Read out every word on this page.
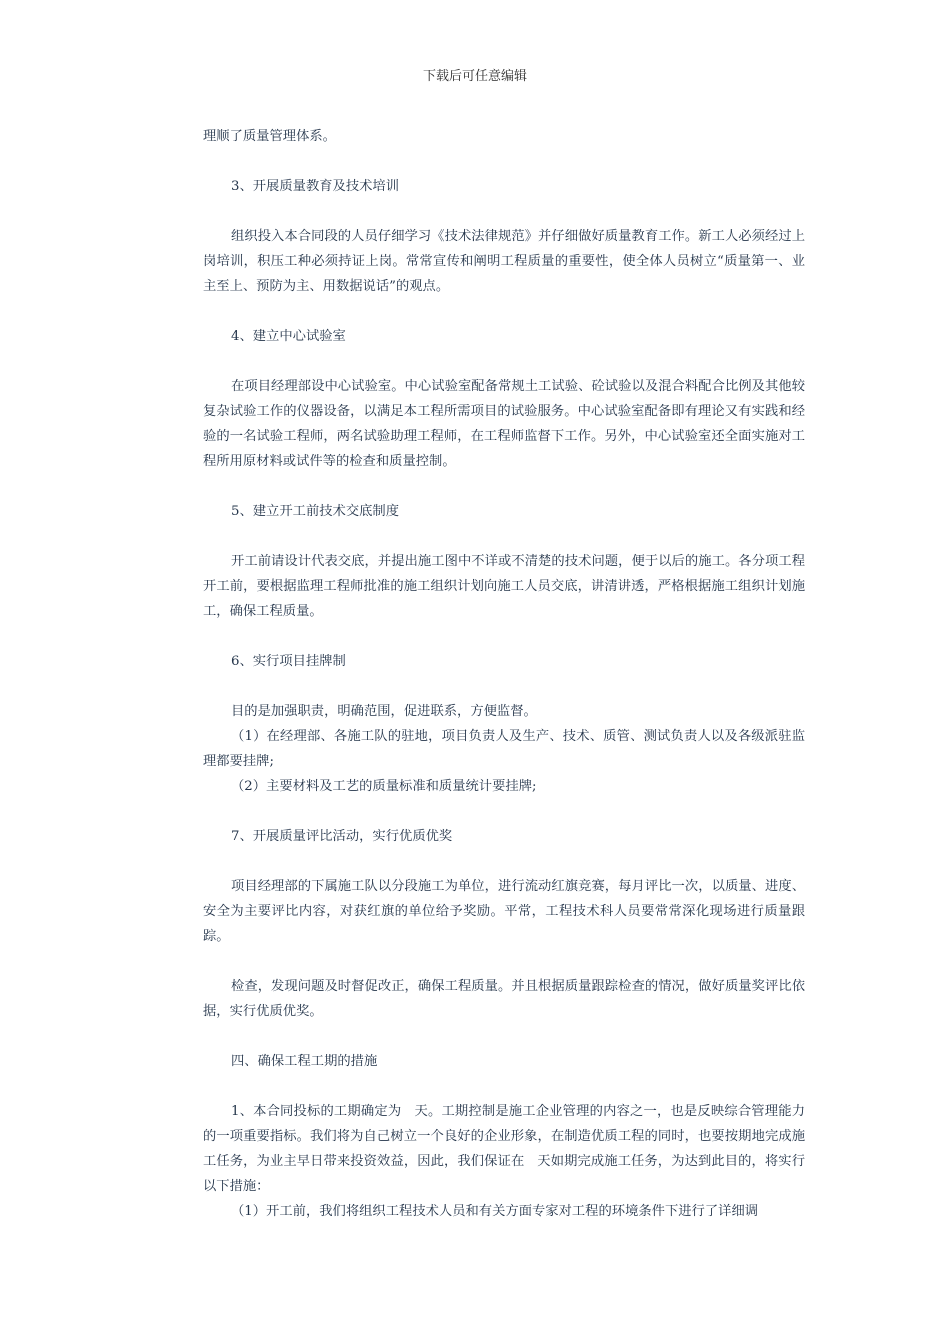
下载后可任意编辑

理顺了质量管理体系。

3、开展质量教育及技术培训

组织投入本合同段的人员仔细学习《技术法律规范》并仔细做好质量教育工作。新工人必须经过上岗培训，积压工种必须持证上岗。常常宣传和阐明工程质量的重要性，使全体人员树立“质量第一、业主至上、预防为主、用数据说话”的观点。

4、建立中心试验室

在项目经理部设中心试验室。中心试验室配备常规土工试验、砼试验以及混合料配合比例及其他较复杂试验工作的仪器设备，以满足本工程所需项目的试验服务。中心试验室配备即有理论又有实践和经验的一名试验工程师，两名试验助理工程师，在工程师监督下工作。另外，中心试验室还全面实施对工程所用原材料或试件等的检查和质量控制。

5、建立开工前技术交底制度

开工前请设计代表交底，并提出施工图中不详或不清楚的技术问题，便于以后的施工。各分项工程开工前，要根据监理工程师批准的施工组织计划向施工人员交底，讲清讲透，严格根据施工组织计划施工，确保工程质量。

6、实行项目挂牌制

目的是加强职责，明确范围，促进联系，方便监督。

（1）在经理部、各施工队的驻地，项目负责人及生产、技术、质管、测试负责人以及各级派驻监理都要挂牌;

（2）主要材料及工艺的质量标准和质量统计要挂牌;

7、开展质量评比活动，实行优质优奖

项目经理部的下属施工队以分段施工为单位，进行流动红旗竞赛，每月评比一次，以质量、进度、安全为主要评比内容，对获红旗的单位给予奖励。平常，工程技术科人员要常常深化现场进行质量跟踪。

检查，发现问题及时督促改正，确保工程质量。并且根据质量跟踪检查的情况，做好质量奖评比依据，实行优质优奖。

四、确保工程工期的措施

1、本合同投标的工期确定为   天。工期控制是施工企业管理的内容之一，也是反映综合管理能力的一项重要指标。我们将为自己树立一个良好的企业形象，在制造优质工程的同时，也要按期地完成施工任务，为业主早日带来投资效益，因此，我们保证在   天如期完成施工任务，为达到此目的，将实行以下措施：

（1）开工前，我们将组织工程技术人员和有关方面专家对工程的环境条件下进行了详细调
